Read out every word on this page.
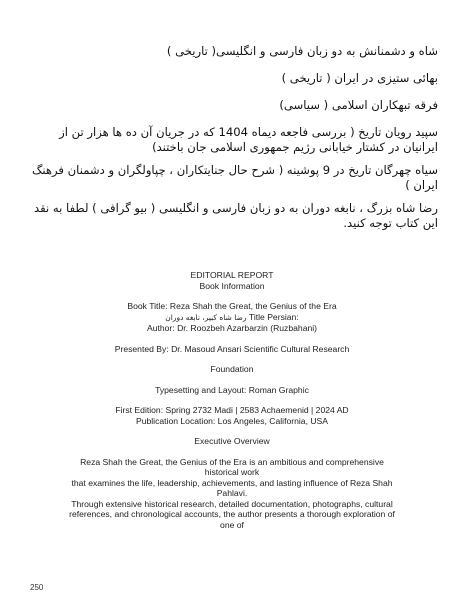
شاه و دشمنانش به دو زبان فارسی و انگلیسی( تاریخی )

بهائی ستیزی در ایران ( تاریخی )

فرقه تبهکاران اسلامی ( سیاسی)

سپید رویان تاریخ ( بررسی فاجعه دیماه 1404 که در جریان آن ده ها هزار تن از ایرانیان در کشتار خیابانی رژیم جمهوری اسلامی جان باختند)

سیاه چهرگان تاریخ در 9 پوشینه ( شرح حال جنایتکاران ، چپاولگران و دشمنان فرهنگ ایران )

رضا شاه بزرگ ، نابغه دوران به دو زبان فارسی و انگلیسی ( بیو گرافی ) لطفا به نقد این کتاب توجه کنید.

EDITORIAL REPORT

Book Information

Book Title: Reza Shah the Great, the Genius of the Era

رضا شاه کبیر، نابغه دوران Title Persian:

Author: Dr. Roozbeh Azarbarzin (Ruzbahani)

Presented By: Dr. Masoud Ansari Scientific Cultural Research

Foundation

Typesetting and Layout: Roman Graphic

First Edition: Spring 2732 Madi | 2583 Achaemenid | 2024 AD

Publication Location: Los Angeles, California, USA

Executive Overview

Reza Shah the Great, the Genius of the Era is an ambitious and comprehensive

historical work

that examines the life, leadership, achievements, and lasting influence of Reza Shah

Pahlavi.

Through extensive historical research, detailed documentation, photographs, cultural

references, and chronological accounts, the author presents a thorough exploration of

one of

250
